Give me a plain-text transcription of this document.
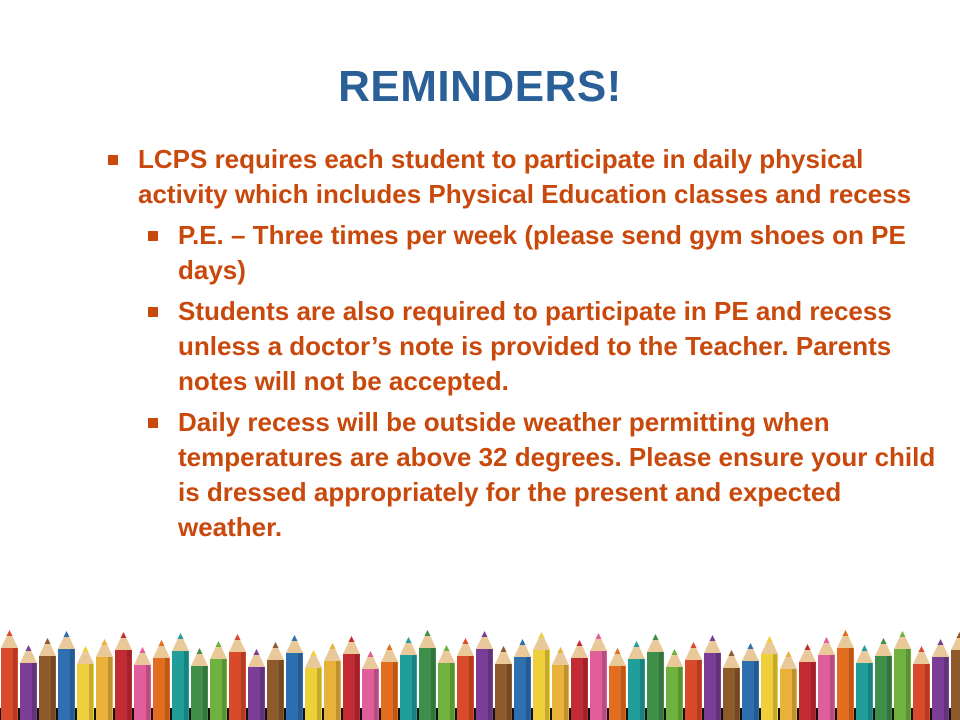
REMINDERS!
LCPS requires each student to participate in daily physical activity which includes Physical Education classes and recess
P.E. – Three times per week (please send gym shoes on PE days)
Students are also required to participate in PE and recess unless a doctor’s note is provided to the Teacher. Parents notes will not be accepted.
Daily recess will be outside weather permitting when temperatures are above 32 degrees. Please ensure your child is dressed appropriately for the present and expected weather.
